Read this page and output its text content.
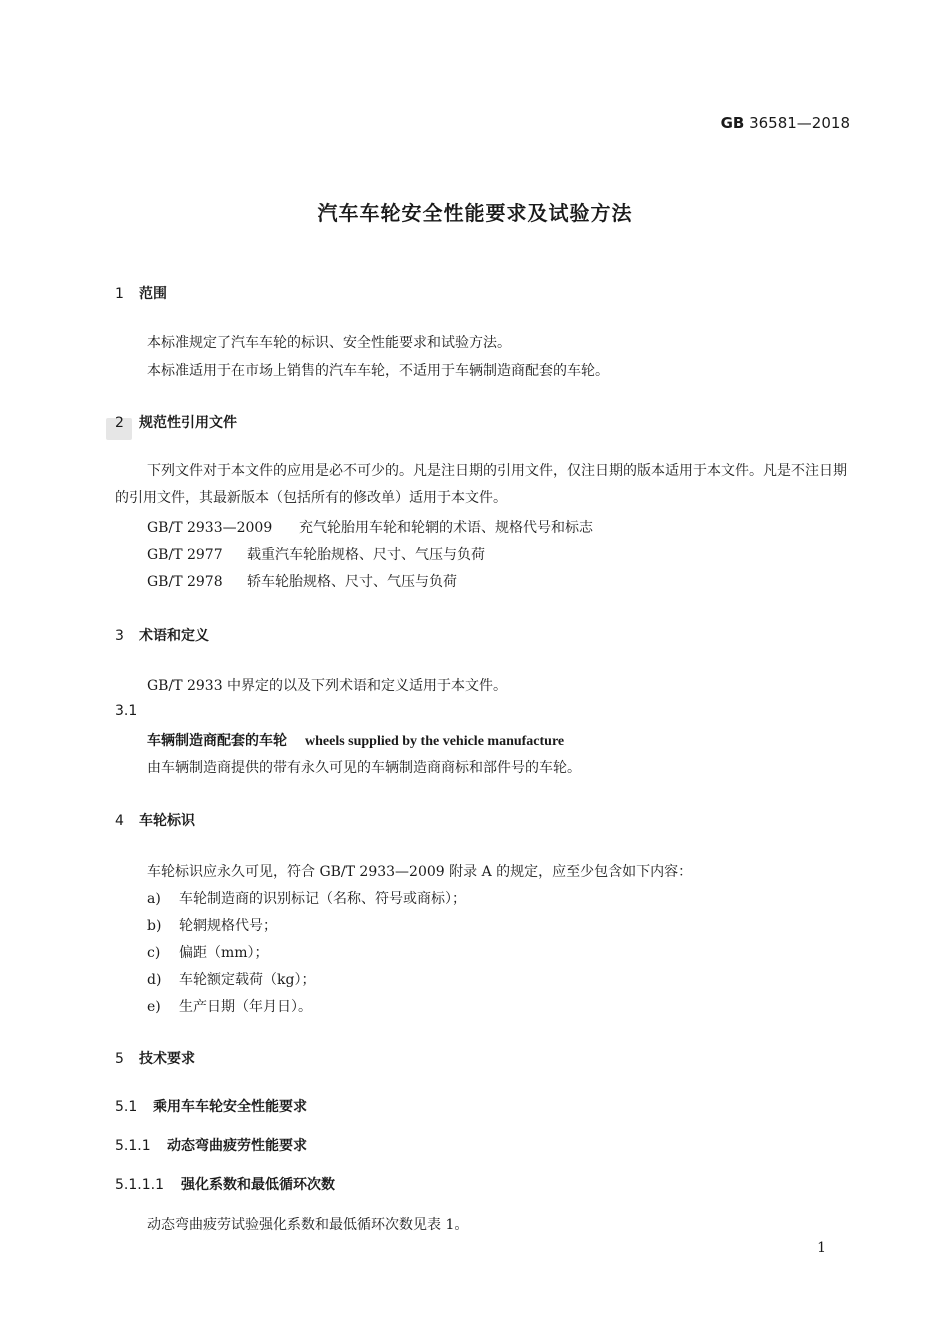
GB 36581—2018
汽车车轮安全性能要求及试验方法
1 范围
本标准规定了汽车车轮的标识、安全性能要求和试验方法。
本标准适用于在市场上销售的汽车车轮，不适用于车辆制造商配套的车轮。
2 规范性引用文件
下列文件对于本文件的应用是必不可少的。凡是注日期的引用文件，仅注日期的版本适用于本文件。凡是不注日期的引用文件，其最新版本（包括所有的修改单）适用于本文件。
GB/T 2933—2009 充气轮胎用车轮和轮辋的术语、规格代号和标志
GB/T 2977 载重汽车轮胎规格、尺寸、气压与负荷
GB/T 2978 轿车轮胎规格、尺寸、气压与负荷
3 术语和定义
GB/T 2933 中界定的以及下列术语和定义适用于本文件。
3.1
车辆制造商配套的车轮 wheels supplied by the vehicle manufacture
由车辆制造商提供的带有永久可见的车辆制造商商标和部件号的车轮。
4 车轮标识
车轮标识应永久可见，符合 GB/T 2933—2009 附录 A 的规定，应至少包含如下内容：
a) 车轮制造商的识别标记（名称、符号或商标）；
b) 轮辋规格代号；
c) 偏距（mm）；
d) 车轮额定载荷（kg）；
e) 生产日期（年月日）。
5 技术要求
5.1 乘用车车轮安全性能要求
5.1.1 动态弯曲疲劳性能要求
5.1.1.1 强化系数和最低循环次数
动态弯曲疲劳试验强化系数和最低循环次数见表 1。
1
